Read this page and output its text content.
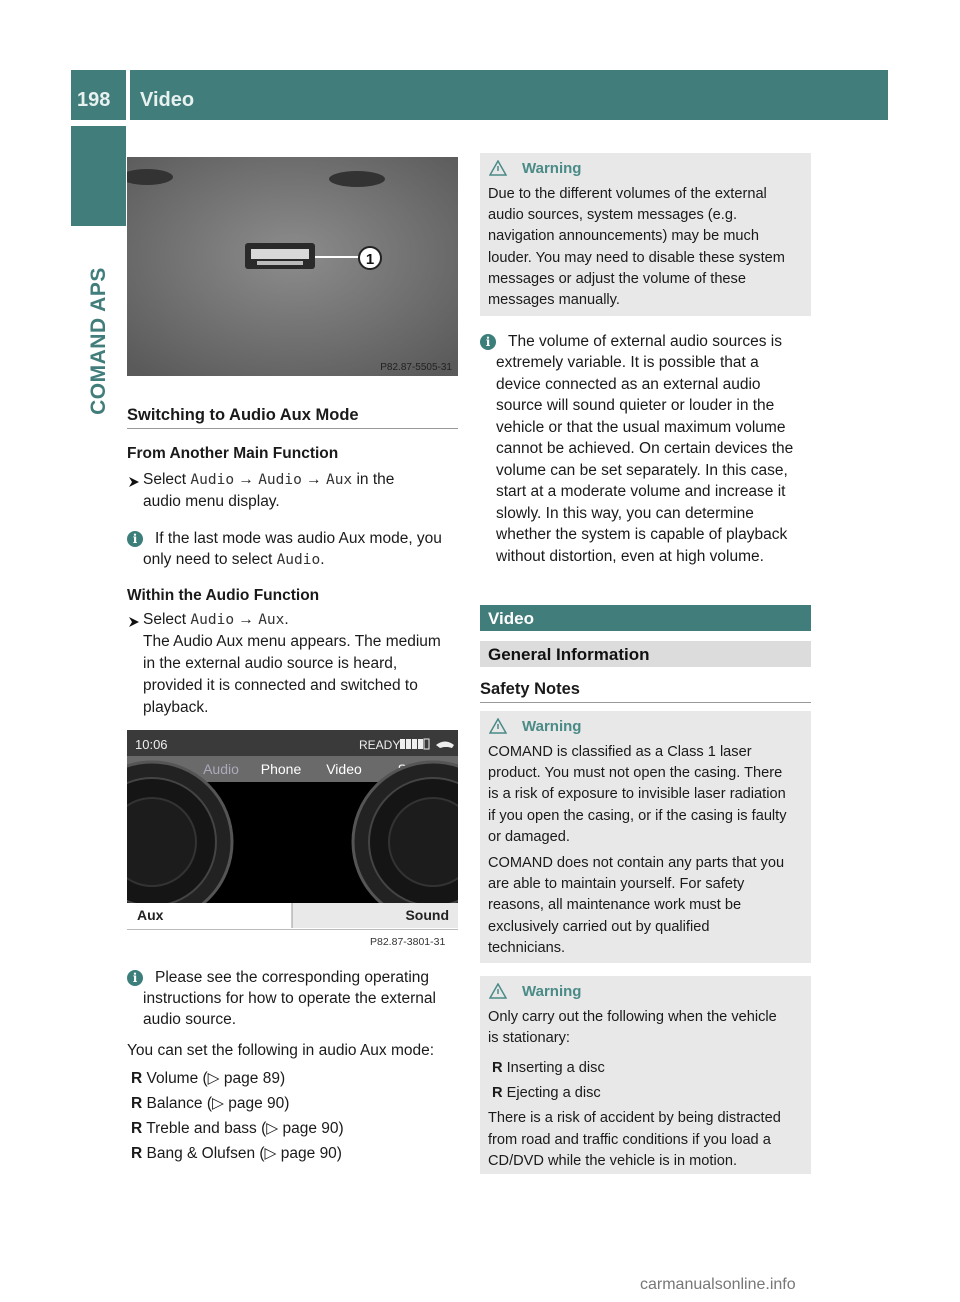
198 Video
COMAND APS
1
P82.87-5505-31
Switching to Audio Aux Mode
From Another Main Function
Select Audio → Audio → Aux in the
audio menu display.
i	If the last mode was audio Aux mode, you
only need to select Audio.
Within the Audio Function
Select Audio → Aux.
The Audio Aux menu appears. The medium
in the external audio source is heard,
provided it is connected and switched to
playback.
10:06	READY
Audio Phone Video
Aux	Sound
P82.87-3801-31
i	Please see the corresponding operating
instructions for how to operate the external
audio source.
You can set the following in audio Aux mode:
R Volume (▷ page 89)
R Balance (▷ page 90)
R Treble and bass (▷ page 90)
R Bang & Olufsen (▷ page 90)
Warning
Due to the different volumes of the external
audio sources, system messages (e.g.
navigation announcements) may be much
louder. You may need to disable these system
messages or adjust the volume of these
messages manually.
i	The volume of external audio sources is
extremely variable. It is possible that a
device connected as an external audio
source will sound quieter or louder in the
vehicle or that the usual maximum volume
cannot be achieved. On certain devices the
volume can be set separately. In this case,
start at a moderate volume and increase it
slowly. In this way, you can determine
whether the system is capable of playback
without distortion, even at high volume.
Video
General Information
Safety Notes
Warning
COMAND is classified as a Class 1 laser
product. You must not open the casing. There
is a risk of exposure to invisible laser radiation
if you open the casing, or if the casing is faulty
or damaged.
COMAND does not contain any parts that you
are able to maintain yourself. For safety
reasons, all maintenance work must be
exclusively carried out by qualified
technicians.
Warning
Only carry out the following when the vehicle
is stationary:
R Inserting a disc
R Ejecting a disc
There is a risk of accident by being distracted
from road and traffic conditions if you load a
CD/DVD while the vehicle is in motion.
carmanualsonline.info
